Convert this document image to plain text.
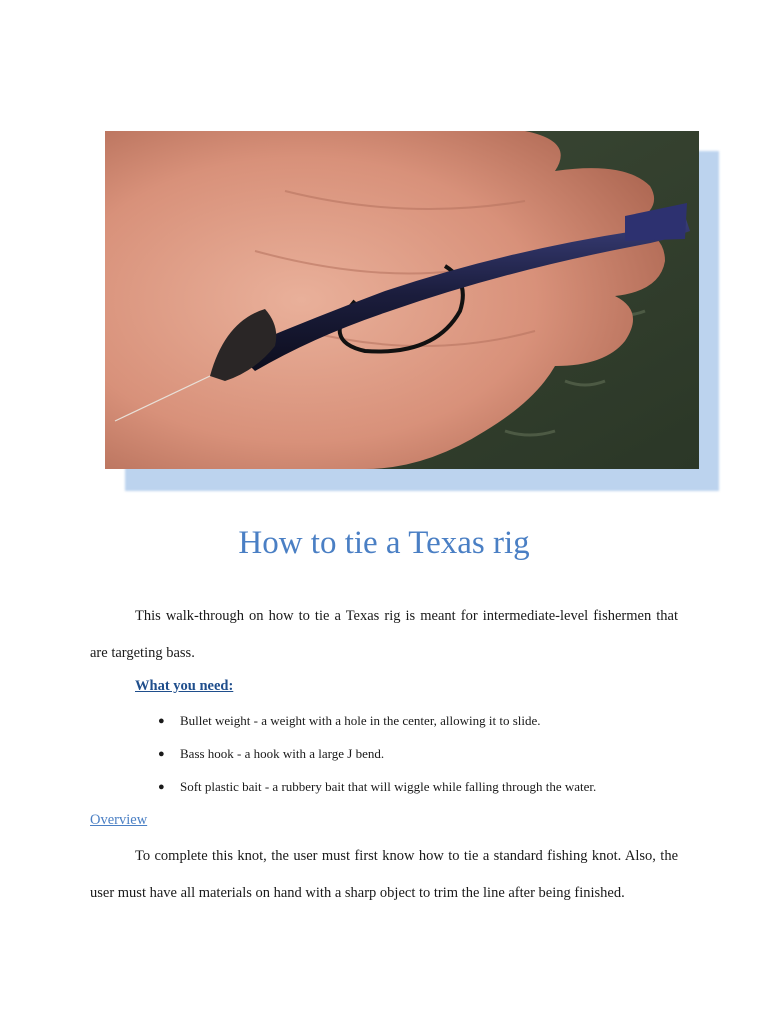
How to tie a Texas rig

This walk-through on how to tie a Texas rig is meant for intermediate-level fishermen that are targeting bass.

What you need:
●	Bullet weight - a weight with a hole in the center, allowing it to slide.
●	Bass hook - a hook with a large J bend.
●	Soft plastic bait - a rubbery bait that will wiggle while falling through the water.
Overview

To complete this knot, the user must first know how to tie a standard fishing knot. Also, the user must have all materials on hand with a sharp object to trim the line after being finished.
